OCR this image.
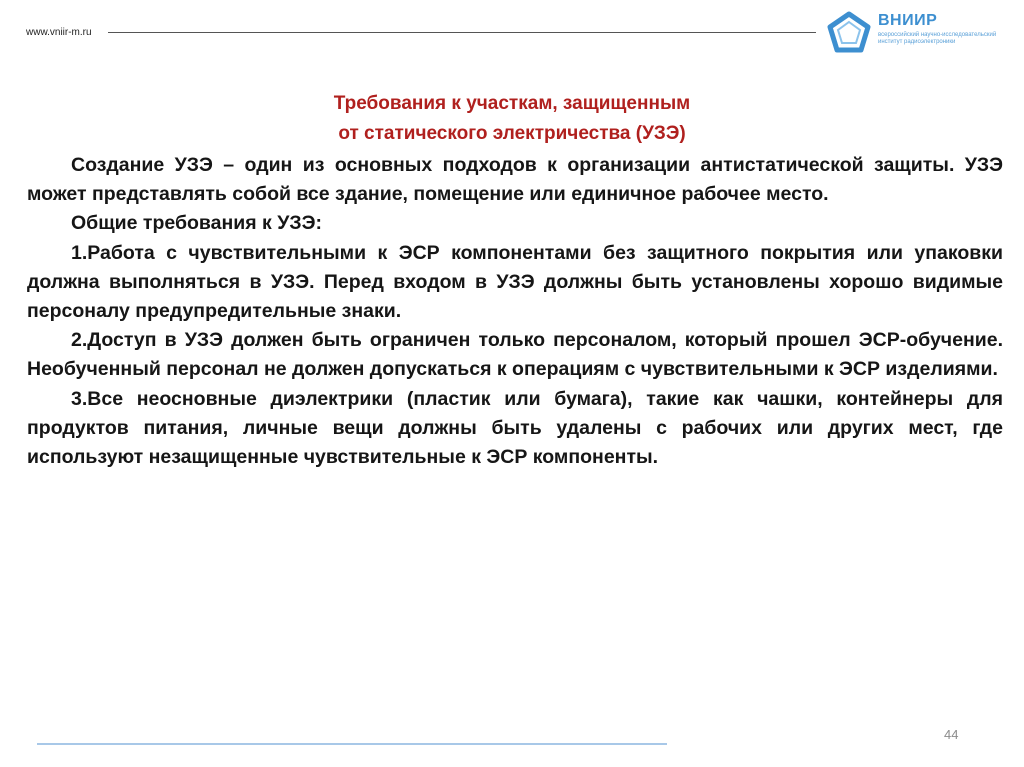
www.vniir-m.ru
ВНИИР
всероссийский научно-исследовательский институт радиоэлектроники
Требования к участкам, защищенным
от статического электричества (УЗЭ)

Создание УЗЭ – один из основных подходов к организации антистатической защиты. УЗЭ может представлять собой все здание, помещение или единичное рабочее место.

Общие требования к УЗЭ:

1.Работа с чувствительными к ЭСР компонентами без защитного покрытия или упаковки должна выполняться в УЗЭ. Перед входом в УЗЭ должны быть установлены хорошо видимые персоналу предупредительные знаки.

2.Доступ в УЗЭ должен быть ограничен только персоналом, который прошел ЭСР-обучение. Необученный персонал не должен допускаться к операциям с чувствительными к ЭСР изделиями.

3.Все неосновные диэлектрики (пластик или бумага), такие как чашки, контейнеры для продуктов питания, личные вещи должны быть удалены с рабочих или других мест, где используют незащищенные чувствительные к ЭСР компоненты.

44
